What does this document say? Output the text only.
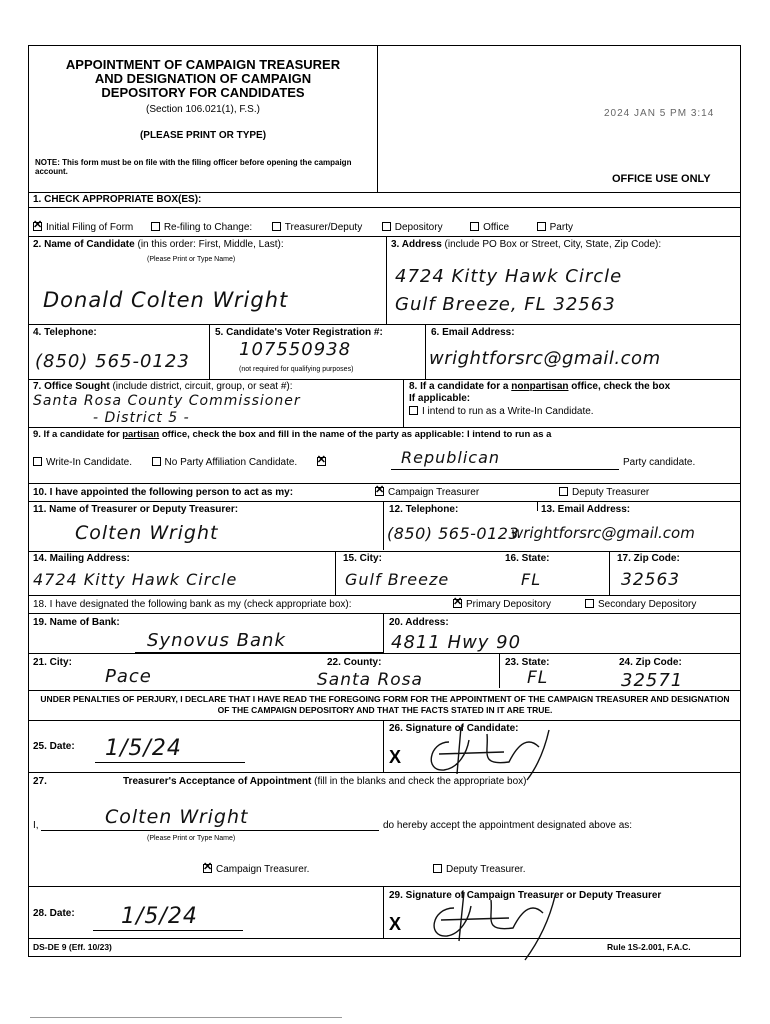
2024 JAN 5 PM 3:14
APPOINTMENT OF CAMPAIGN TREASURER
AND DESIGNATION OF CAMPAIGN
DEPOSITORY FOR CANDIDATES
(Section 106.021(1), F.S.)
(PLEASE PRINT OR TYPE)
NOTE: This form must be on file with the filing officer before opening the campaign account.
OFFICE USE ONLY
1. CHECK APPROPRIATE BOX(ES):
✕Initial Filing of Form	Re-filing to Change:	Treasurer/Deputy	Depository	Office	Party
2. Name of Candidate (in this order: First, Middle, Last):
(Please Print or Type Name)
Donald Colten Wright
3. Address (include PO Box or Street, City, State, Zip Code):
4724 Kitty Hawk Circle
Gulf Breeze, FL 32563
4. Telephone:
(850) 565-0123
5. Candidate's Voter Registration #:
107550938
(not required for qualifying purposes)
6. Email Address:
wrightforsrc@gmail.com
7. Office Sought (include district, circuit, group, or seat #):
Santa Rosa County Commissioner
- District 5 -
8. If a candidate for a nonpartisan office, check the box
If applicable:
I intend to run as a Write-In Candidate.
9. If a candidate for partisan office, check the box and fill in the name of the party as applicable: I intend to run as a
Write-In Candidate.	No Party Affiliation Candidate. ✕	Republican	Party candidate.
10. I have appointed the following person to act as my: ✕	Campaign Treasurer	Deputy Treasurer
11. Name of Treasurer or Deputy Treasurer:
Colten Wright
12. Telephone:	13. Email Address:
(850) 565-0123
wrightforsrc@gmail.com
14. Mailing Address:
4724 Kitty Hawk Circle
15. City:
Gulf Breeze
16. State:
FL
17. Zip Code:
32563
18. I have designated the following bank as my (check appropriate box): ✕	Primary Depository	Secondary Depository
19. Name of Bank:
Synovus Bank
20. Address:
4811 Hwy 90
21. City:
Pace
22. County:
Santa Rosa
23. State:
FL
24. Zip Code:
32571
UNDER PENALTIES OF PERJURY, I DECLARE THAT I HAVE READ THE FOREGOING FORM FOR THE APPOINTMENT OF THE CAMPAIGN TREASURER AND DESIGNATION OF THE CAMPAIGN DEPOSITORY AND THAT THE FACTS STATED IN IT ARE TRUE.
25. Date: 1/5/24
26. Signature of Candidate:
X
27.	Treasurer's Acceptance of Appointment (fill in the blanks and check the appropriate box)
I,	Colten Wright
(Please Print or Type Name)
do hereby accept the appointment designated above as:
✕Campaign Treasurer.	Deputy Treasurer.
28. Date: 1/5/24
29. Signature of Campaign Treasurer or Deputy Treasurer
X
DS-DE 9 (Eff. 10/23)	Rule 1S-2.001, F.A.C.
